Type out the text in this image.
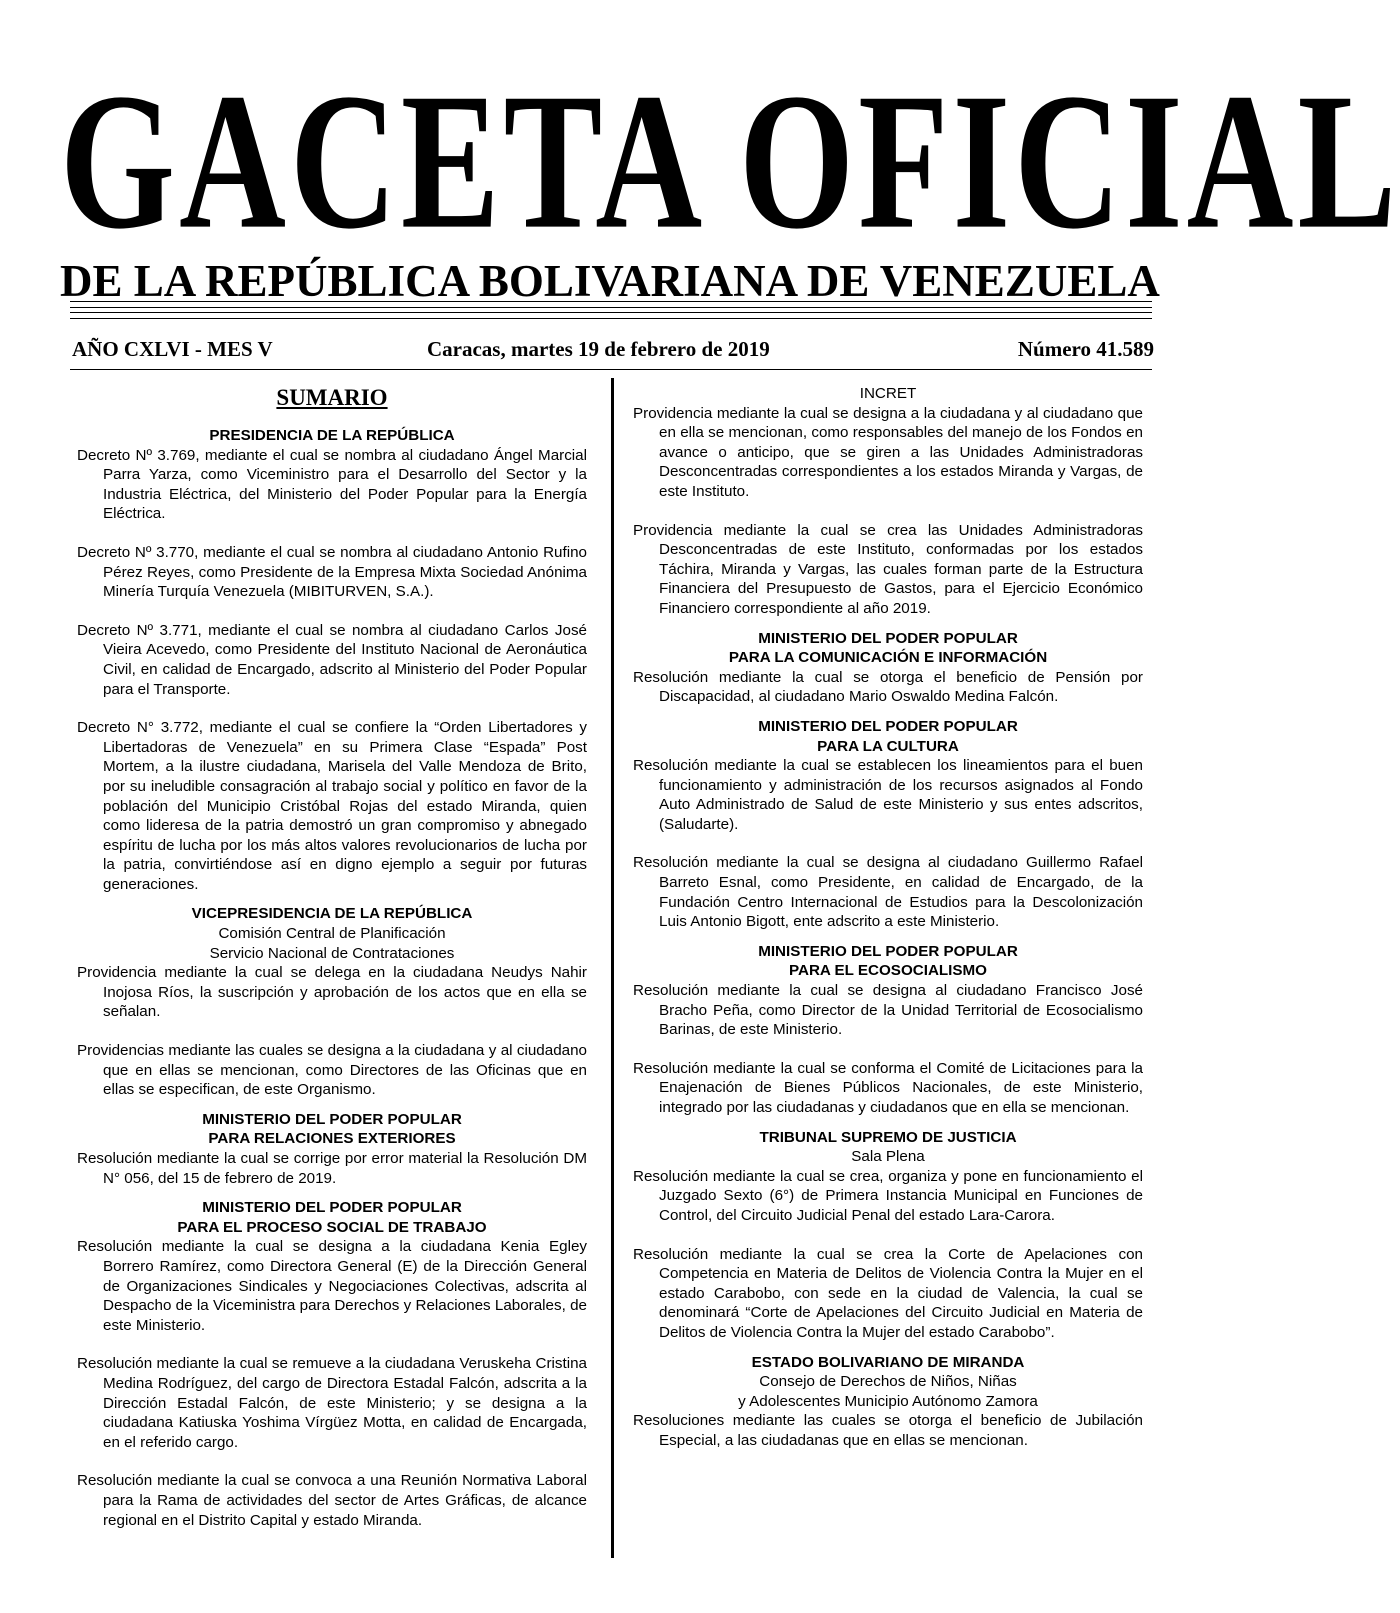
GACETA OFICIAL
DE LA REPÚBLICA BOLIVARIANA DE VENEZUELA
AÑO CXLVI - MES V	Caracas, martes 19 de febrero de 2019	Número 41.589
SUMARIO
PRESIDENCIA DE LA REPÚBLICA
Decreto Nº 3.769, mediante el cual se nombra al ciudadano Ángel Marcial Parra Yarza, como Viceministro para el Desarrollo del Sector y la Industria Eléctrica, del Ministerio del Poder Popular para la Energía Eléctrica.
Decreto Nº 3.770, mediante el cual se nombra al ciudadano Antonio Rufino Pérez Reyes, como Presidente de la Empresa Mixta Sociedad Anónima Minería Turquía Venezuela (MIBITURVEN, S.A.).
Decreto Nº 3.771, mediante el cual se nombra al ciudadano Carlos José Vieira Acevedo, como Presidente del Instituto Nacional de Aeronáutica Civil, en calidad de Encargado, adscrito al Ministerio del Poder Popular para el Transporte.
Decreto N° 3.772, mediante el cual se confiere la “Orden Libertadores y Libertadoras de Venezuela” en su Primera Clase “Espada” Post Mortem, a la ilustre ciudadana, Marisela del Valle Mendoza de Brito, por su ineludible consagración al trabajo social y político en favor de la población del Municipio Cristóbal Rojas del estado Miranda, quien como lideresa de la patria demostró un gran compromiso y abnegado espíritu de lucha por los más altos valores revolucionarios de lucha por la patria, convirtiéndose así en digno ejemplo a seguir por futuras generaciones.
VICEPRESIDENCIA DE LA REPÚBLICA
Comisión Central de Planificación
Servicio Nacional de Contrataciones
Providencia mediante la cual se delega en la ciudadana Neudys Nahir Inojosa Ríos, la suscripción y aprobación de los actos que en ella se señalan.
Providencias mediante las cuales se designa a la ciudadana y al ciudadano que en ellas se mencionan, como Directores de las Oficinas que en ellas se especifican, de este Organismo.
MINISTERIO DEL PODER POPULAR
PARA RELACIONES EXTERIORES
Resolución mediante la cual se corrige por error material la Resolución DM N° 056, del 15 de febrero de 2019.
MINISTERIO DEL PODER POPULAR
PARA EL PROCESO SOCIAL DE TRABAJO
Resolución mediante la cual se designa a la ciudadana Kenia Egley Borrero Ramírez, como Directora General (E) de la Dirección General de Organizaciones Sindicales y Negociaciones Colectivas, adscrita al Despacho de la Viceministra para Derechos y Relaciones Laborales, de este Ministerio.
Resolución mediante la cual se remueve a la ciudadana Veruskeha Cristina Medina Rodríguez, del cargo de Directora Estadal Falcón, adscrita a la Dirección Estadal Falcón, de este Ministerio; y se designa a la ciudadana Katiuska Yoshima Vírgüez Motta, en calidad de Encargada, en el referido cargo.
Resolución mediante la cual se convoca a una Reunión Normativa Laboral para la Rama de actividades del sector de Artes Gráficas, de alcance regional en el Distrito Capital y estado Miranda.
INCRET
Providencia mediante la cual se designa a la ciudadana y al ciudadano que en ella se mencionan, como responsables del manejo de los Fondos en avance o anticipo, que se giren a las Unidades Administradoras Desconcentradas correspondientes a los estados Miranda y Vargas, de este Instituto.
Providencia mediante la cual se crea las Unidades Administradoras Desconcentradas de este Instituto, conformadas por los estados Táchira, Miranda y Vargas, las cuales forman parte de la Estructura Financiera del Presupuesto de Gastos, para el Ejercicio Económico Financiero correspondiente al año 2019.
MINISTERIO DEL PODER POPULAR
PARA LA COMUNICACIÓN E INFORMACIÓN
Resolución mediante la cual se otorga el beneficio de Pensión por Discapacidad, al ciudadano Mario Oswaldo Medina Falcón.
MINISTERIO DEL PODER POPULAR
PARA LA CULTURA
Resolución mediante la cual se establecen los lineamientos para el buen funcionamiento y administración de los recursos asignados al Fondo Auto Administrado de Salud de este Ministerio y sus entes adscritos, (Saludarte).
Resolución mediante la cual se designa al ciudadano Guillermo Rafael Barreto Esnal, como Presidente, en calidad de Encargado, de la Fundación Centro Internacional de Estudios para la Descolonización Luis Antonio Bigott, ente adscrito a este Ministerio.
MINISTERIO DEL PODER POPULAR
PARA EL ECOSOCIALISMO
Resolución mediante la cual se designa al ciudadano Francisco José Bracho Peña, como Director de la Unidad Territorial de Ecosocialismo Barinas, de este Ministerio.
Resolución mediante la cual se conforma el Comité de Licitaciones para la Enajenación de Bienes Públicos Nacionales, de este Ministerio, integrado por las ciudadanas y ciudadanos que en ella se mencionan.
TRIBUNAL SUPREMO DE JUSTICIA
Sala Plena
Resolución mediante la cual se crea, organiza y pone en funcionamiento el Juzgado Sexto (6°) de Primera Instancia Municipal en Funciones de Control, del Circuito Judicial Penal del estado Lara-Carora.
Resolución mediante la cual se crea la Corte de Apelaciones con Competencia en Materia de Delitos de Violencia Contra la Mujer en el estado Carabobo, con sede en la ciudad de Valencia, la cual se denominará “Corte de Apelaciones del Circuito Judicial en Materia de Delitos de Violencia Contra la Mujer del estado Carabobo”.
ESTADO BOLIVARIANO DE MIRANDA
Consejo de Derechos de Niños, Niñas
y Adolescentes Municipio Autónomo Zamora
Resoluciones mediante las cuales se otorga el beneficio de Jubilación Especial, a las ciudadanas que en ellas se mencionan.
